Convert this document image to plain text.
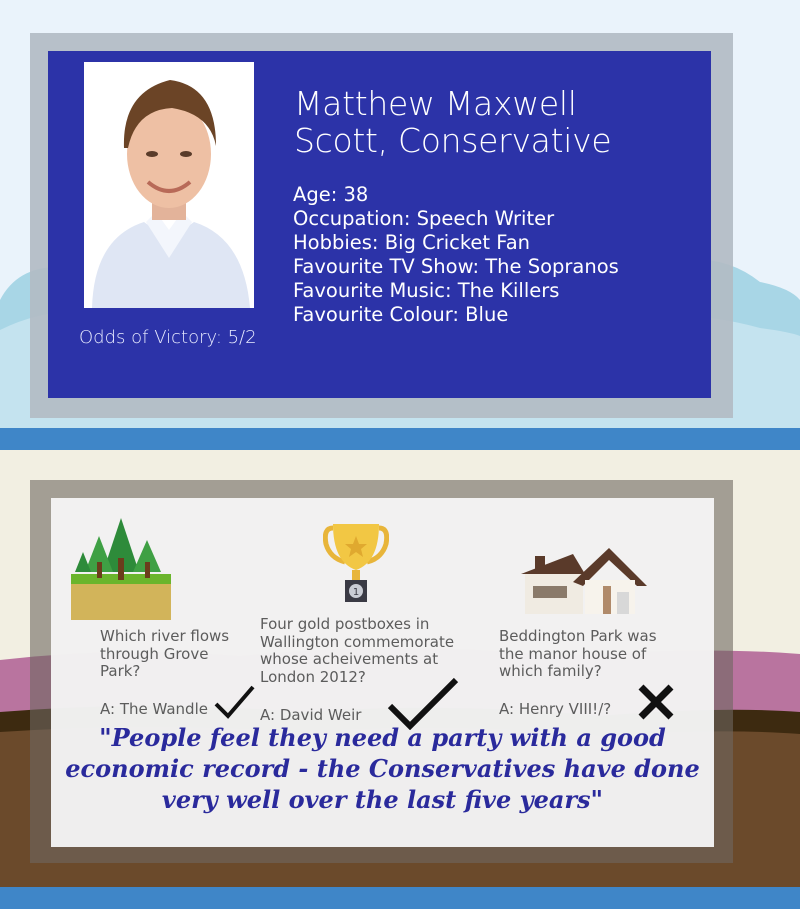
Odds of Victory: 5/2
Matthew Maxwell Scott, Conservative
Age: 38
Occupation: Speech Writer
Hobbies: Big Cricket Fan
Favourite TV Show: The Sopranos
Favourite Music: The Killers
Favourite Colour: Blue
1
Which river flows through Grove Park?
Four gold postboxes in Wallington commemorate whose acheivements at London 2012?
Beddington Park was the manor house of which family?
A: The Wandle	A: David Weir	A: Henry VIII!/?
"People feel they need a party with a good economic record - the Conservatives have done very well over the last five years"
